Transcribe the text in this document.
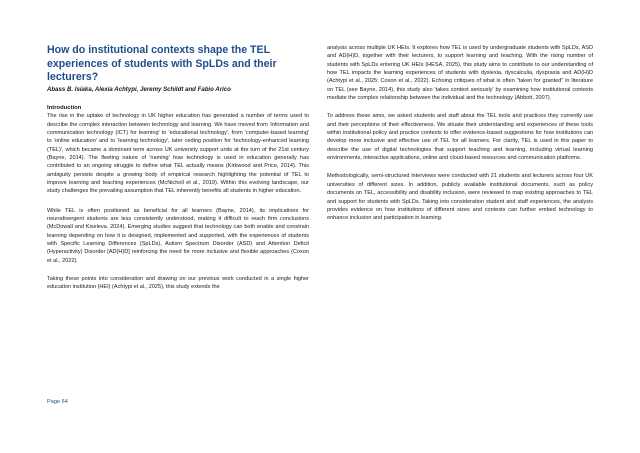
How do institutional contexts shape the TEL experiences of students with SpLDs and their lecturers?
Abass B. Isiaka, Alexia Achtypi, Jeremy Schildt and Fabio Arico
Introduction

The rise in the uptake of technology in UK higher education has generated a number of terms used to describe the complex interaction between technology and learning. We have moved from 'information and communication technology (ICT) for learning' to 'educational technology', from 'computer-based learning' to 'online education' and to 'learning technology', later ceding position for 'technology-enhanced learning (TEL)', which became a dominant term across UK university support units at the turn of the 21st century (Bayne, 2014). The fleeting nature of 'naming' how technology is used in education generally has contributed to an ongoing struggle to define what TEL actually means (Kirkwood and Price, 2014). This ambiguity persists despite a growing body of empirical research highlighting the potential of TEL to improve learning and teaching experiences (McNicholl et al., 2019). Within this evolving landscape, our study challenges the prevailing assumption that TEL inherently benefits all students in higher education.

While TEL is often positioned as beneficial for all learners (Bayne, 2014), its implications for neurodivergent students are less consistently understood, making it difficult to reach firm conclusions (McDowall and Kiseleva, 2024). Emerging studies suggest that technology can both enable and constrain learning depending on how it is designed, implemented and supported, with the experiences of students with Specific Learning Differences (SpLDs), Autism Spectrum Disorder (ASD) and Attention Deficit (Hyperactivity) Disorder [AD(H)D] reinforcing the need for more inclusive and flexible approaches (Coxon et al., 2022).

Taking these points into consideration and drawing on our previous work conducted in a single higher education institution (HEI) (Achtypi et al., 2025), this study extends the

analysis across multiple UK HEIs. It explores how TEL is used by undergraduate students with SpLDs, ASD and AD(H)D, together with their lecturers, to support learning and teaching. With the rising number of students with SpLDs entering UK HEIs (HESA, 2025), this study aims to contribute to our understanding of how TEL impacts the learning experiences of students with dyslexia, dyscalculia, dyspraxia and AD(H)D (Achtypi et al., 2025; Coxon et al., 2022). Echoing critiques of what is often "taken for granted" in literature on TEL (see Bayne, 2014), this study also 'takes context seriously' by examining how institutional contexts mediate the complex relationship between the individual and the technology (Abbott, 2007).

To address these aims, we asked students and staff about the TEL tools and practices they currently use and their perceptions of their effectiveness. We situate their understanding and experiences of these tools within institutional policy and practice contexts to offer evidence-based suggestions for how institutions can develop more inclusive and effective use of TEL for all learners. For clarity, TEL is used in this paper to describe the use of digital technologies that support teaching and learning, including virtual learning environments, interactive applications, online and cloud-based resources and communication platforms.

Methodologically, semi-structured interviews were conducted with 21 students and lecturers across four UK universities of different sizes. In addition, publicly available institutional documents, such as policy documents on TEL, accessibility and disability inclusion, were reviewed to map existing approaches to TEL and support for students with SpLDs. Taking into consideration student and staff experiences, the analysis provides evidence on how institutions of different sizes and contexts can further embed technology to enhance inclusion and participation in learning.

Page 64
